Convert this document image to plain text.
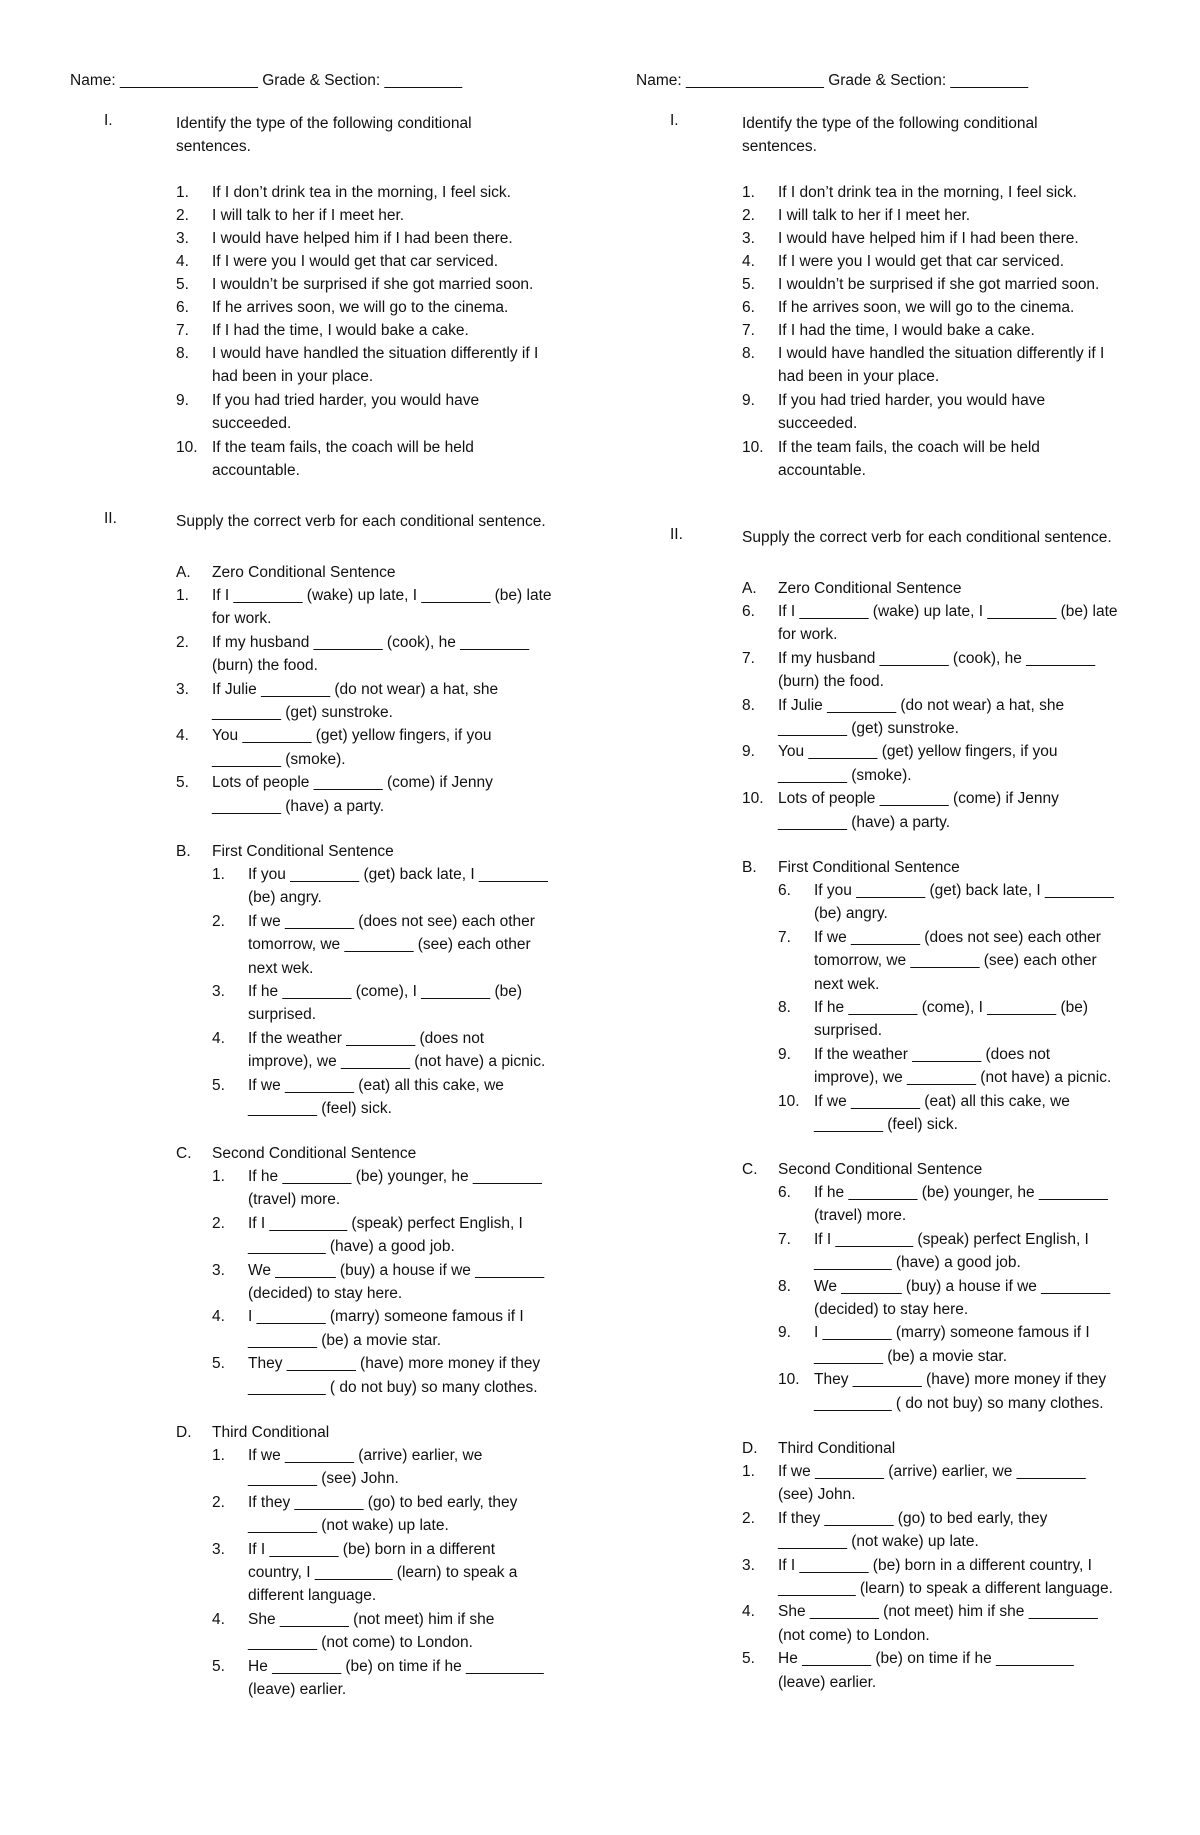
Name: ________________ Grade & Section: _________
I.	Identify the type of the following conditional
sentences.
1. If I don’t drink tea in the morning, I feel sick.
2. I will talk to her if I meet her.
3. I would have helped him if I had been there.
4. If I were you I would get that car serviced.
5. I wouldn’t be surprised if she got married soon.
6. If he arrives soon, we will go to the cinema.
7. If I had the time, I would bake a cake.
8. I would have handled the situation differently if I
had been in your place.
9. If you had tried harder, you would have
succeeded.
10. If the team fails, the coach will be held
accountable.
II.	Supply the correct verb for each conditional sentence.
A. Zero Conditional Sentence
1. If I ________ (wake) up late, I ________ (be) late
for work.
2. If my husband ________ (cook), he ________
(burn) the food.
3. If Julie ________ (do not wear) a hat, she
________ (get) sunstroke.
4. You ________ (get) yellow fingers, if you
________ (smoke).
5. Lots of people ________ (come) if Jenny
________ (have) a party.
B. First Conditional Sentence
1. If you ________ (get) back late, I ________
(be) angry.
2. If we ________ (does not see) each other
tomorrow, we ________ (see) each other
next wek.
3. If he ________ (come), I ________ (be)
surprised.
4. If the weather ________ (does not
improve), we ________ (not have) a picnic.
5. If we ________ (eat) all this cake, we
________ (feel) sick.
C. Second Conditional Sentence
1. If he ________ (be) younger, he ________
(travel) more.
2. If I _________ (speak) perfect English, I
_________ (have) a good job.
3. We _______ (buy) a house if we ________
(decided) to stay here.
4. I ________ (marry) someone famous if I
________ (be) a movie star.
5. They ________ (have) more money if they
_________ ( do not buy) so many clothes.
D. Third Conditional
1. If we ________ (arrive) earlier, we
________ (see) John.
2. If they ________ (go) to bed early, they
________ (not wake) up late.
3. If I ________ (be) born in a different
country, I _________ (learn) to speak a
different language.
4. She ________ (not meet) him if she
________ (not come) to London.
5. He ________ (be) on time if he _________
(leave) earlier.
Name: ________________ Grade & Section: _________
I.	Identify the type of the following conditional
sentences.
1. If I don’t drink tea in the morning, I feel sick.
2. I will talk to her if I meet her.
3. I would have helped him if I had been there.
4. If I were you I would get that car serviced.
5. I wouldn’t be surprised if she got married soon.
6. If he arrives soon, we will go to the cinema.
7. If I had the time, I would bake a cake.
8. I would have handled the situation differently if I
had been in your place.
9. If you had tried harder, you would have
succeeded.
10. If the team fails, the coach will be held
accountable.
II.	Supply the correct verb for each conditional sentence.
A. Zero Conditional Sentence
6. If I ________ (wake) up late, I ________ (be) late
for work.
7. If my husband ________ (cook), he ________
(burn) the food.
8. If Julie ________ (do not wear) a hat, she
________ (get) sunstroke.
9. You ________ (get) yellow fingers, if you
________ (smoke).
10. Lots of people ________ (come) if Jenny
________ (have) a party.
B. First Conditional Sentence
6. If you ________ (get) back late, I ________
(be) angry.
7. If we ________ (does not see) each other
tomorrow, we ________ (see) each other
next wek.
8. If he ________ (come), I ________ (be)
surprised.
9. If the weather ________ (does not
improve), we ________ (not have) a picnic.
10. If we ________ (eat) all this cake, we
________ (feel) sick.
C. Second Conditional Sentence
6. If he ________ (be) younger, he ________
(travel) more.
7. If I _________ (speak) perfect English, I
_________ (have) a good job.
8. We _______ (buy) a house if we ________
(decided) to stay here.
9. I ________ (marry) someone famous if I
________ (be) a movie star.
10. They ________ (have) more money if they
_________ ( do not buy) so many clothes.
D. Third Conditional
1. If we ________ (arrive) earlier, we ________
(see) John.
2. If they ________ (go) to bed early, they
________ (not wake) up late.
3. If I ________ (be) born in a different country, I
_________ (learn) to speak a different language.
4. She ________ (not meet) him if she ________
(not come) to London.
5. He ________ (be) on time if he _________
(leave) earlier.
